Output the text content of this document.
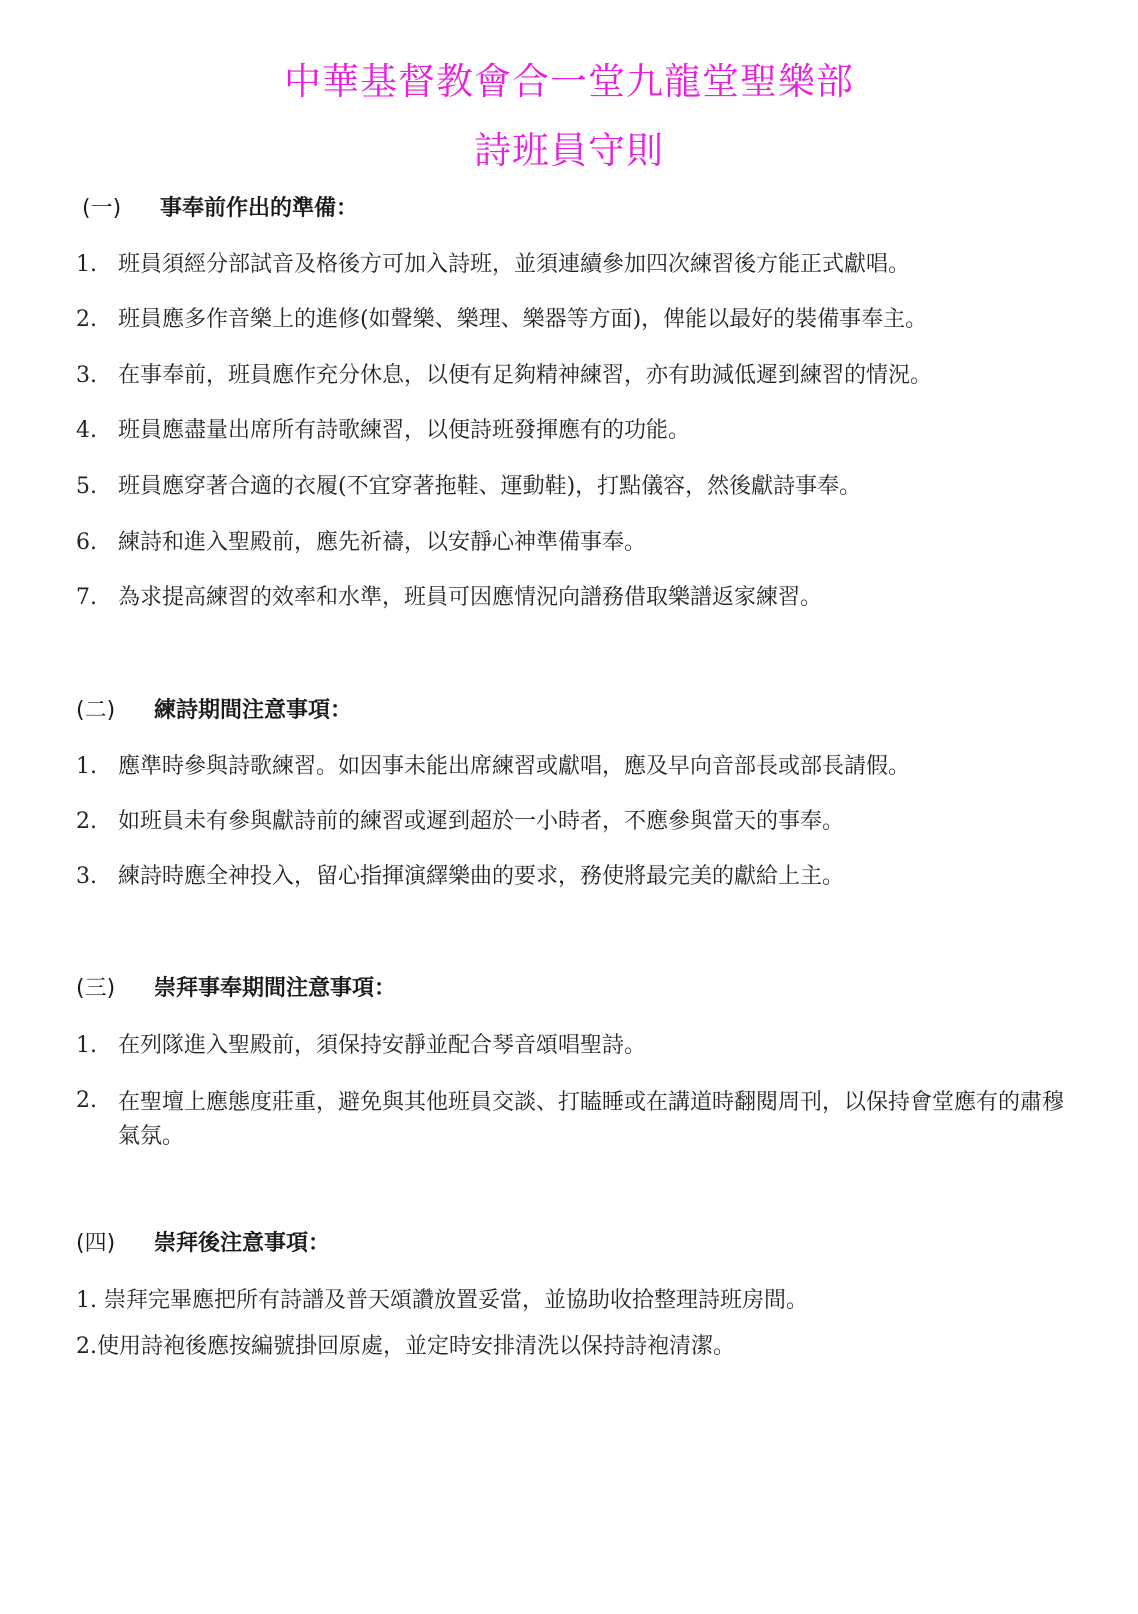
中華基督教會合一堂九龍堂聖樂部
詩班員守則
(一) 事奉前作出的準備：
1. 班員須經分部試音及格後方可加入詩班，並須連續參加四次練習後方能正式獻唱。
2. 班員應多作音樂上的進修(如聲樂、樂理、樂器等方面)，俾能以最好的裝備事奉主。
3. 在事奉前，班員應作充分休息，以便有足夠精神練習，亦有助減低遲到練習的情況。
4. 班員應盡量出席所有詩歌練習，以便詩班發揮應有的功能。
5. 班員應穿著合適的衣履(不宜穿著拖鞋、運動鞋)，打點儀容，然後獻詩事奉。
6. 練詩和進入聖殿前，應先祈禱，以安靜心神準備事奉。
7. 為求提高練習的效率和水準，班員可因應情況向譜務借取樂譜返家練習。
(二) 練詩期間注意事項：
1. 應準時參與詩歌練習。如因事未能出席練習或獻唱，應及早向音部長或部長請假。
2. 如班員未有參與獻詩前的練習或遲到超於一小時者，不應參與當天的事奉。
3. 練詩時應全神投入，留心指揮演繹樂曲的要求，務使將最完美的獻給上主。
(三) 崇拜事奉期間注意事項：
1. 在列隊進入聖殿前，須保持安靜並配合琴音頌唱聖詩。
2. 在聖壇上應態度莊重，避免與其他班員交談、打瞌睡或在講道時翻閱周刊，以保持會堂應有的肅穆氣氛。
(四) 崇拜後注意事項：
1. 崇拜完畢應把所有詩譜及普天頌讚放置妥當，並協助收拾整理詩班房間。
2.使用詩袍後應按編號掛回原處，並定時安排清洗以保持詩袍清潔。
